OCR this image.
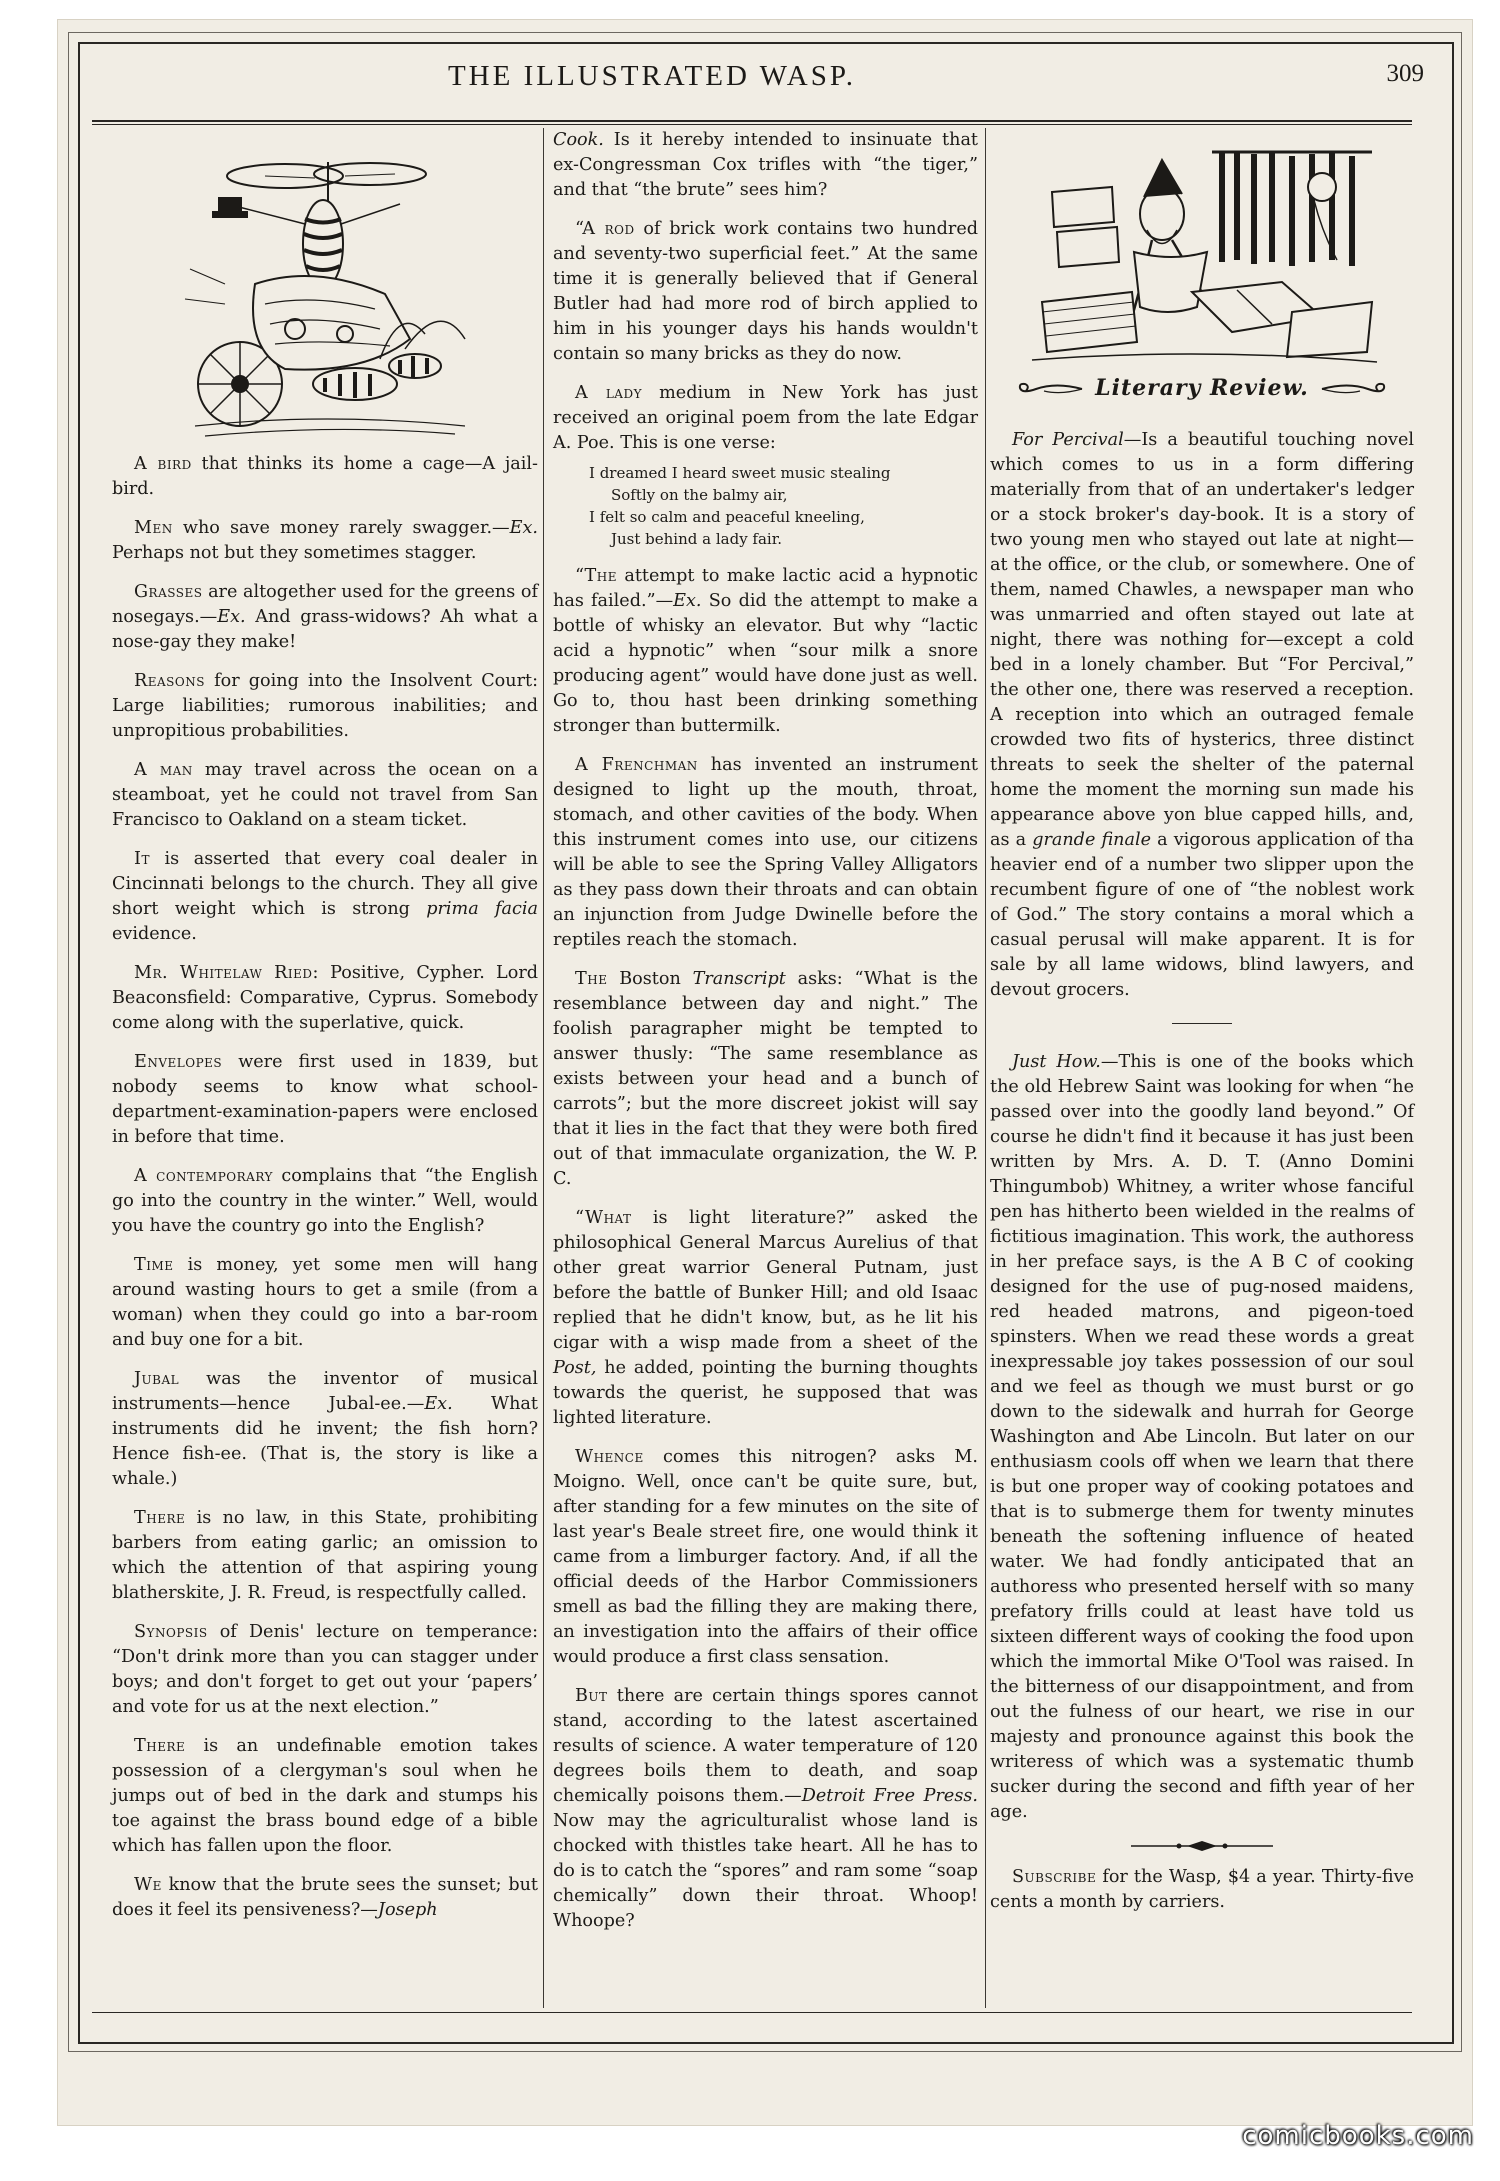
THE ILLUSTRATED WASP.	309

A bird that thinks its home a cage—A jail-bird.

Men who save money rarely swagger.—Ex. Perhaps not but they sometimes stagger.

Grasses are altogether used for the greens of nosegays.—Ex. And grass-widows? Ah what a nose-gay they make!

Reasons for going into the Insolvent Court: Large liabilities; rumorous inabilities; and unpropitious probabilities.

A man may travel across the ocean on a steamboat, yet he could not travel from San Francisco to Oakland on a steam ticket.

It is asserted that every coal dealer in Cincinnati belongs to the church. They all give short weight which is strong prima facia evidence.

Mr. Whitelaw Ried: Positive, Cypher. Lord Beaconsfield: Comparative, Cyprus. Somebody come along with the superlative, quick.

Envelopes were first used in 1839, but nobody seems to know what school-department-examination-papers were enclosed in before that time.

A contemporary complains that “the English go into the country in the winter.” Well, would you have the country go into the English?

Time is money, yet some men will hang around wasting hours to get a smile (from a woman) when they could go into a bar-room and buy one for a bit.

Jubal was the inventor of musical instruments—hence Jubal-ee.—Ex. What instruments did he invent; the fish horn? Hence fish-ee. (That is, the story is like a whale.)

There is no law, in this State, prohibiting barbers from eating garlic; an omission to which the attention of that aspiring young blatherskite, J. R. Freud, is respectfully called.

Synopsis of Denis' lecture on temperance: “Don't drink more than you can stagger under boys; and don't forget to get out your ‘papers’ and vote for us at the next election.”

There is an undefinable emotion takes possession of a clergyman's soul when he jumps out of bed in the dark and stumps his toe against the brass bound edge of a bible which has fallen upon the floor.

We know that the brute sees the sunset; but does it feel its pensiveness?—Joseph

Cook. Is it hereby intended to insinuate that ex-Congressman Cox trifles with “the tiger,” and that “the brute” sees him?

“A rod of brick work contains two hundred and seventy-two superficial feet.” At the same time it is generally believed that if General Butler had had more rod of birch applied to him in his younger days his hands wouldn't contain so many bricks as they do now.

A lady medium in New York has just received an original poem from the late Edgar A. Poe. This is one verse:

I dreamed I heard sweet music stealing
Softly on the balmy air,
I felt so calm and peaceful kneeling,
Just behind a lady fair.

“The attempt to make lactic acid a hypnotic has failed.”—Ex. So did the attempt to make a bottle of whisky an elevator. But why “lactic acid a hypnotic” when “sour milk a snore producing agent” would have done just as well. Go to, thou hast been drinking something stronger than buttermilk.

A Frenchman has invented an instrument designed to light up the mouth, throat, stomach, and other cavities of the body. When this instrument comes into use, our citizens will be able to see the Spring Valley Alligators as they pass down their throats and can obtain an injunction from Judge Dwinelle before the reptiles reach the stomach.

The Boston Transcript asks: “What is the resemblance between day and night.” The foolish paragrapher might be tempted to answer thusly: “The same resemblance as exists between your head and a bunch of carrots”; but the more discreet jokist will say that it lies in the fact that they were both fired out of that immaculate organization, the W. P. C.

“What is light literature?” asked the philosophical General Marcus Aurelius of that other great warrior General Putnam, just before the battle of Bunker Hill; and old Isaac replied that he didn't know, but, as he lit his cigar with a wisp made from a sheet of the Post, he added, pointing the burning thoughts towards the querist, he supposed that was lighted literature.

Whence comes this nitrogen? asks M. Moigno. Well, once can't be quite sure, but, after standing for a few minutes on the site of last year's Beale street fire, one would think it came from a limburger factory. And, if all the official deeds of the Harbor Commissioners smell as bad the filling they are making there, an investigation into the affairs of their office would produce a first class sensation.

But there are certain things spores cannot stand, according to the latest ascertained results of science. A water temperature of 120 degrees boils them to death, and soap chemically poisons them.—Detroit Free Press. Now may the agriculturalist whose land is chocked with thistles take heart. All he has to do is to catch the “spores” and ram some “soap chemically” down their throat. Whoop! Whoope?

Literary Review.

For Percival—Is a beautiful touching novel which comes to us in a form differing materially from that of an undertaker's ledger or a stock broker's day-book. It is a story of two young men who stayed out late at night—at the office, or the club, or somewhere. One of them, named Chawles, a newspaper man who was unmarried and often stayed out late at night, there was nothing for—except a cold bed in a lonely chamber. But “For Percival,” the other one, there was reserved a reception. A reception into which an outraged female crowded two fits of hysterics, three distinct threats to seek the shelter of the paternal home the moment the morning sun made his appearance above yon blue capped hills, and, as a grande finale a vigorous application of tha heavier end of a number two slipper upon the recumbent figure of one of “the noblest work of God.” The story contains a moral which a casual perusal will make apparent. It is for sale by all lame widows, blind lawyers, and devout grocers.

Just How.—This is one of the books which the old Hebrew Saint was looking for when “he passed over into the goodly land beyond.” Of course he didn't find it because it has just been written by Mrs. A. D. T. (Anno Domini Thingumbob) Whitney, a writer whose fanciful pen has hitherto been wielded in the realms of fictitious imagination. This work, the authoress in her preface says, is the A B C of cooking designed for the use of pug-nosed maidens, red headed matrons, and pigeon-toed spinsters. When we read these words a great inexpressable joy takes possession of our soul and we feel as though we must burst or go down to the sidewalk and hurrah for George Washington and Abe Lincoln. But later on our enthusiasm cools off when we learn that there is but one proper way of cooking potatoes and that is to submerge them for twenty minutes beneath the softening influence of heated water. We had fondly anticipated that an authoress who presented herself with so many prefatory frills could at least have told us sixteen different ways of cooking the food upon which the immortal Mike O'Tool was raised. In the bitterness of our disappointment, and from out the fulness of our heart, we rise in our majesty and pronounce against this book the writeress of which was a systematic thumb sucker during the second and fifth year of her age.

Subscribe for the Wasp, $4 a year. Thirty-five cents a month by carriers.

comicbooks.com
